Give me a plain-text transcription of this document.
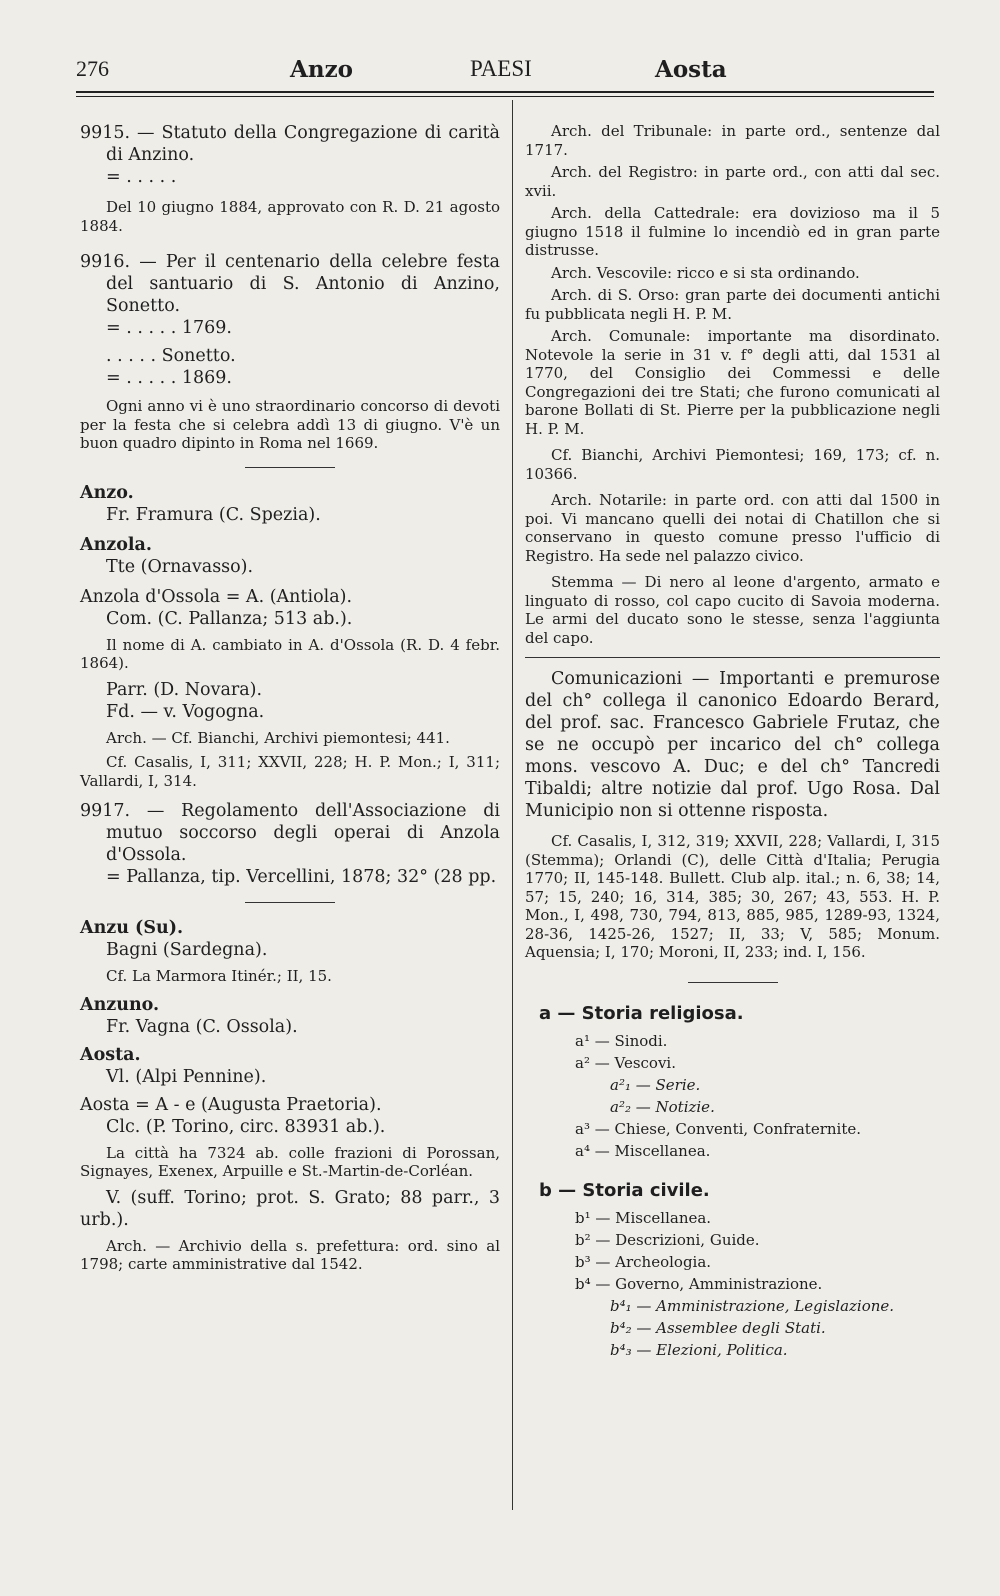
276	Anzo	PAESI	Aosta

9915. — Statuto della Congregazione di carità di Anzino.

= . . . . .

Del 10 giugno 1884, approvato con R. D. 21 agosto 1884.

9916. — Per il centenario della celebre festa del santuario di S. Antonio di Anzino, Sonetto.

= . . . . . 1769.

. . . . . Sonetto.

= . . . . . 1869.

Ogni anno vi è uno straordinario concorso di devoti per la festa che si celebra addì 13 di giugno. V'è un buon quadro dipinto in Roma nel 1669.

Anzo.

Fr. Framura (C. Spezia).

Anzola.

Tte (Ornavasso).

Anzola d'Ossola = A. (Antiola).

Com. (C. Pallanza; 513 ab.).

Il nome di A. cambiato in A. d'Ossola (R. D. 4 febr. 1864).

Parr. (D. Novara).

Fd. — v. Vogogna.

Arch. — Cf. Bianchi, Archivi piemontesi; 441.

Cf. Casalis, I, 311; XXVII, 228; H. P. Mon.; I, 311; Vallardi, I, 314.

9917. — Regolamento dell'Associazione di mutuo soccorso degli operai di Anzola d'Ossola.

= Pallanza, tip. Vercellini, 1878; 32° (28 pp.

Anzu (Su).

Bagni (Sardegna).

Cf. La Marmora Itinér.; II, 15.

Anzuno.

Fr. Vagna (C. Ossola).

Aosta.

Vl. (Alpi Pennine).

Aosta = A - e (Augusta Praetoria).

Clc. (P. Torino, circ. 83931 ab.).

La città ha 7324 ab. colle frazioni di Porossan, Signayes, Exenex, Arpuille e St.-Martin-de-Corléan.

V. (suff. Torino; prot. S. Grato; 88 parr., 3 urb.).

Arch. — Archivio della s. prefettura: ord. sino al 1798; carte amministrative dal 1542.

Arch. del Tribunale: in parte ord., sentenze dal 1717.

Arch. del Registro: in parte ord., con atti dal sec. xvii.

Arch. della Cattedrale: era dovizioso ma il 5 giugno 1518 il fulmine lo incendiò ed in gran parte distrusse.

Arch. Vescovile: ricco e si sta ordinando.

Arch. di S. Orso: gran parte dei documenti antichi fu pubblicata negli H. P. M.

Arch. Comunale: importante ma disordinato. Notevole la serie in 31 v. f° degli atti, dal 1531 al 1770, del Consiglio dei Commessi e delle Congregazioni dei tre Stati; che furono comunicati al barone Bollati di St. Pierre per la pubblicazione negli H. P. M.

Cf. Bianchi, Archivi Piemontesi; 169, 173; cf. n. 10366.

Arch. Notarile: in parte ord. con atti dal 1500 in poi. Vi mancano quelli dei notai di Chatillon che si conservano in questo comune presso l'ufficio di Registro. Ha sede nel palazzo civico.

Stemma — Di nero al leone d'argento, armato e linguato di rosso, col capo cucito di Savoia moderna. Le armi del ducato sono le stesse, senza l'aggiunta del capo.

Comunicazioni — Importanti e premurose del ch° collega il canonico Edoardo Berard, del prof. sac. Francesco Gabriele Frutaz, che se ne occupò per incarico del ch° collega mons. vescovo A. Duc; e del ch° Tancredi Tibaldi; altre notizie dal prof. Ugo Rosa. Dal Municipio non si ottenne risposta.

Cf. Casalis, I, 312, 319; XXVII, 228; Vallardi, I, 315 (Stemma); Orlandi (C), delle Città d'Italia; Perugia 1770; II, 145-148. Bullett. Club alp. ital.; n. 6, 38; 14, 57; 15, 240; 16, 314, 385; 30, 267; 43, 553. H. P. Mon., I, 498, 730, 794, 813, 885, 985, 1289-93, 1324, 28-36, 1425-26, 1527; II, 33; V, 585; Monum. Aquensia; I, 170; Moroni, II, 233; ind. I, 156.

a — Storia religiosa.

a¹ — Sinodi.

a² — Vescovi.

a²₁ — Serie.

a²₂ — Notizie.

a³ — Chiese, Conventi, Confraternite.

a⁴ — Miscellanea.

b — Storia civile.

b¹ — Miscellanea.

b² — Descrizioni, Guide.

b³ — Archeologia.

b⁴ — Governo, Amministrazione.

b⁴₁ — Amministrazione, Legislazione.

b⁴₂ — Assemblee degli Stati.

b⁴₃ — Elezioni, Politica.
